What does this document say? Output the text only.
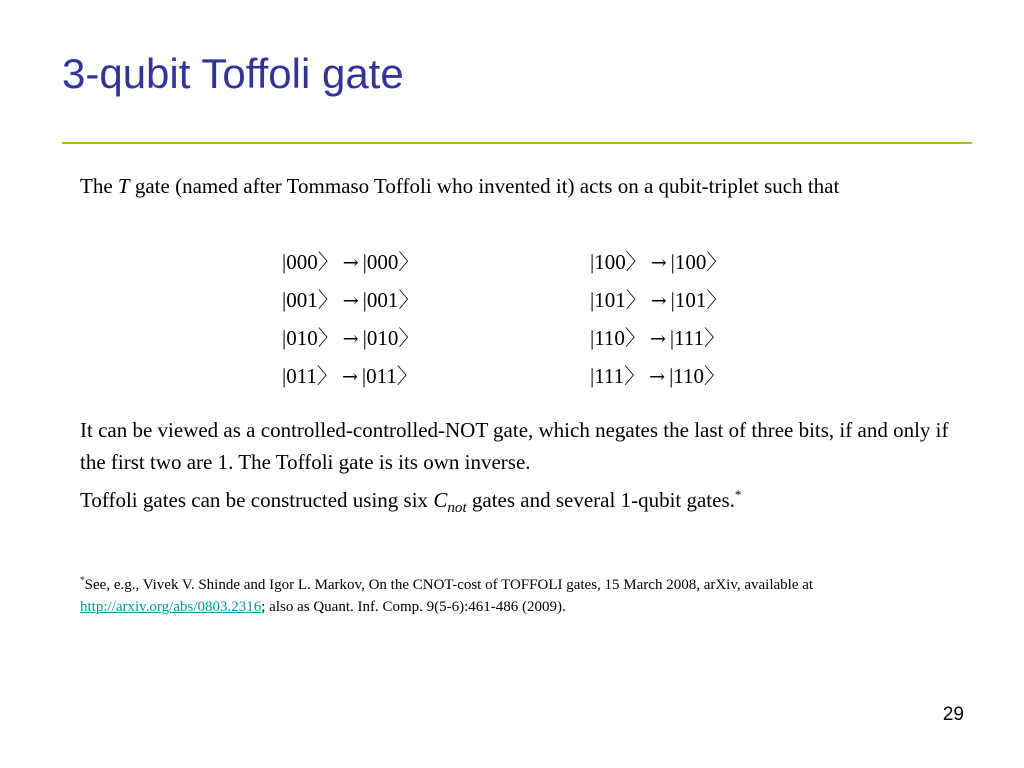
3-qubit Toffoli gate

The T gate (named after Tommaso Toffoli who invented it) acts on a qubit-triplet such that

|000〉 → |000〉
|001〉 → |001〉
|010〉 → |010〉
|011〉 → |011〉
|100〉 → |100〉
|101〉 → |101〉
|110〉 → |111〉
|111〉 → |110〉

It can be viewed as a controlled-controlled-NOT gate, which negates the last of three bits, if and only if the first two are 1. The Toffoli gate is its own inverse.

Toffoli gates can be constructed using six $C_{not}$ gates and several 1-qubit gates.*

*See, e.g., Vivek V. Shinde and Igor L. Markov, On the CNOT-cost of TOFFOLI gates, 15 March 2008, arXiv, available at http://arxiv.org/abs/0803.2316; also as Quant. Inf. Comp. 9(5-6):461-486 (2009).

29
